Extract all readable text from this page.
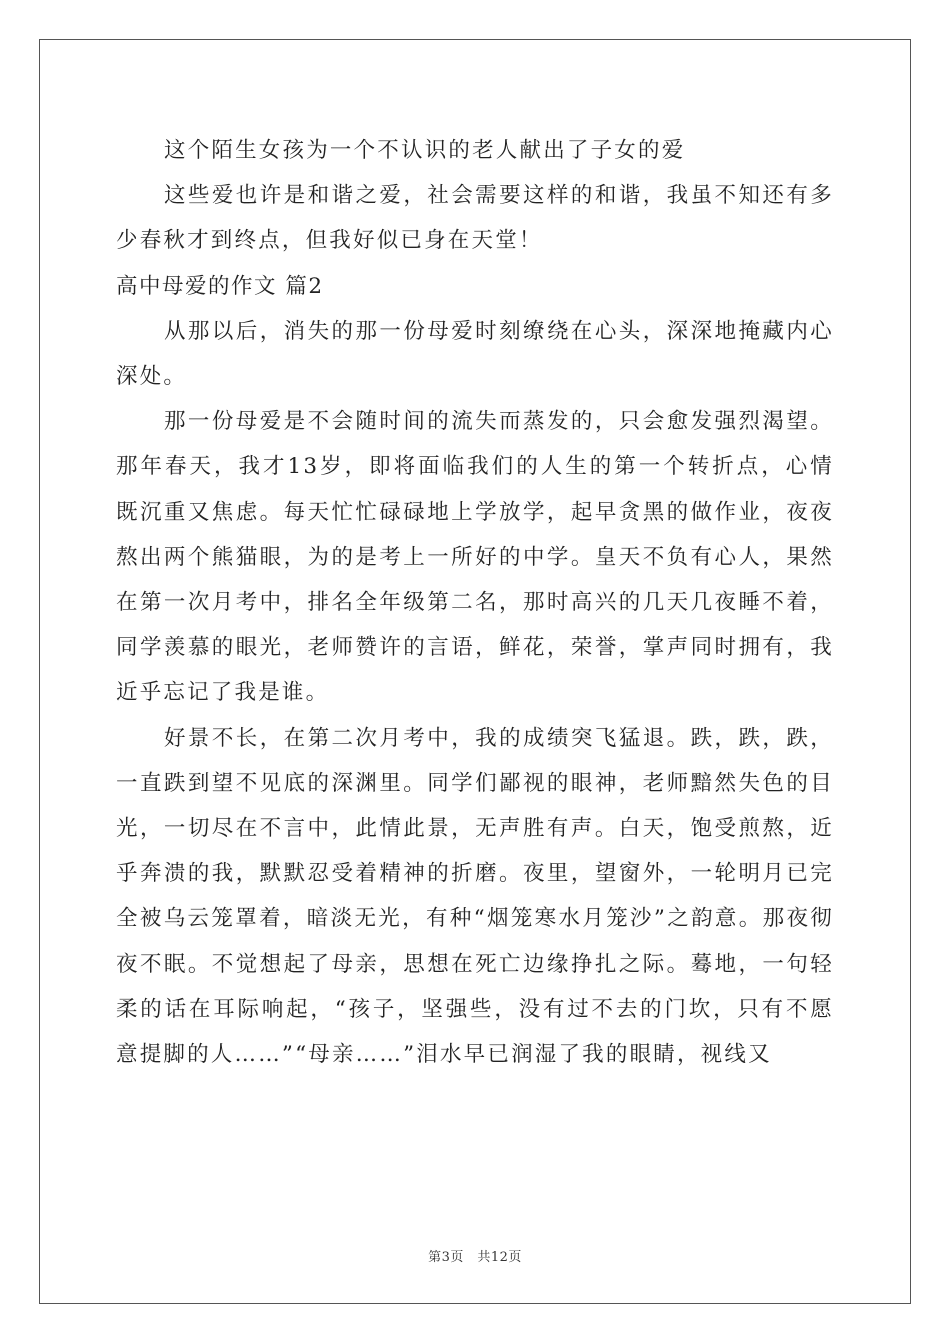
这个陌生女孩为一个不认识的老人献出了子女的爱

这些爱也许是和谐之爱，社会需要这样的和谐，我虽不知还有多少春秋才到终点，但我好似已身在天堂！

高中母爱的作文 篇2

从那以后，消失的那一份母爱时刻缭绕在心头，深深地掩藏内心深处。

那一份母爱是不会随时间的流失而蒸发的，只会愈发强烈渴望。那年春天，我才13岁，即将面临我们的人生的第一个转折点，心情既沉重又焦虑。每天忙忙碌碌地上学放学，起早贪黑的做作业，夜夜熬出两个熊猫眼，为的是考上一所好的中学。皇天不负有心人，果然在第一次月考中，排名全年级第二名，那时高兴的几天几夜睡不着，同学羡慕的眼光，老师赞许的言语，鲜花，荣誉，掌声同时拥有，我近乎忘记了我是谁。

好景不长，在第二次月考中，我的成绩突飞猛退。跌，跌，跌，一直跌到望不见底的深渊里。同学们鄙视的眼神，老师黯然失色的目光，一切尽在不言中，此情此景，无声胜有声。白天，饱受煎熬，近乎奔溃的我，默默忍受着精神的折磨。夜里，望窗外，一轮明月已完全被乌云笼罩着，暗淡无光，有种“烟笼寒水月笼沙”之韵意。那夜彻夜不眠。不觉想起了母亲，思想在死亡边缘挣扎之际。蓦地，一句轻柔的话在耳际响起，“孩子，坚强些，没有过不去的门坎，只有不愿意提脚的人……”“母亲……”泪水早已润湿了我的眼睛，视线又

第3页　共12页
